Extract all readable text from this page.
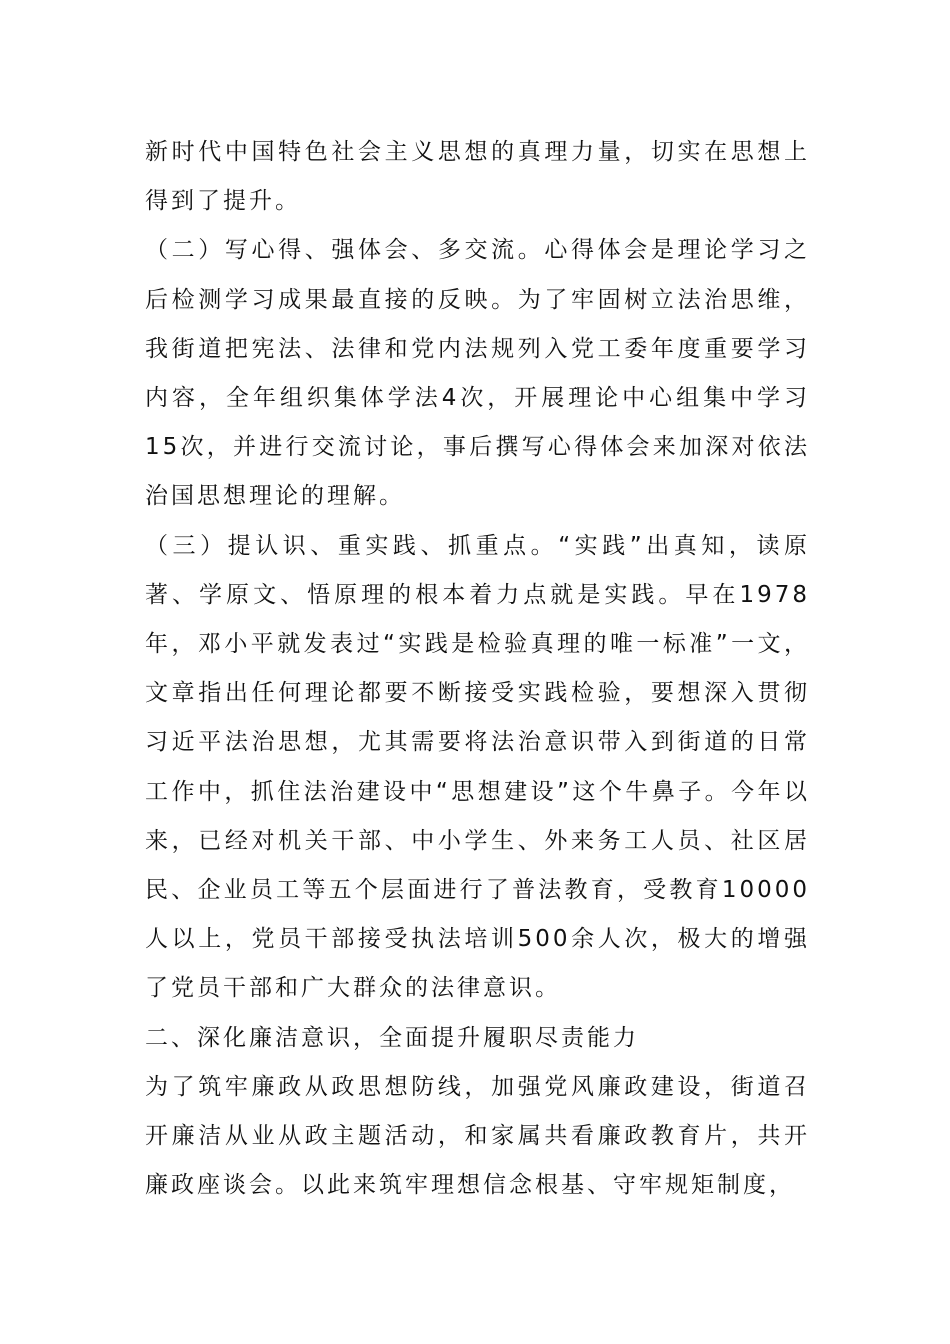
新时代中国特色社会主义思想的真理力量，切实在思想上得到了提升。

（二）写心得、强体会、多交流。心得体会是理论学习之后检测学习成果最直接的反映。为了牢固树立法治思维，我街道把宪法、法律和党内法规列入党工委年度重要学习内容，全年组织集体学法4次，开展理论中心组集中学习15次，并进行交流讨论，事后撰写心得体会来加深对依法治国思想理论的理解。

（三）提认识、重实践、抓重点。“实践”出真知，读原著、学原文、悟原理的根本着力点就是实践。早在1978年，邓小平就发表过“实践是检验真理的唯一标准”一文，文章指出任何理论都要不断接受实践检验，要想深入贯彻习近平法治思想，尤其需要将法治意识带入到街道的日常工作中，抓住法治建设中“思想建设”这个牛鼻子。今年以来，已经对机关干部、中小学生、外来务工人员、社区居民、企业员工等五个层面进行了普法教育，受教育10000人以上，党员干部接受执法培训500余人次，极大的增强了党员干部和广大群众的法律意识。

二、深化廉洁意识，全面提升履职尽责能力

为了筑牢廉政从政思想防线，加强党风廉政建设，街道召开廉洁从业从政主题活动，和家属共看廉政教育片，共开廉政座谈会。以此来筑牢理想信念根基、守牢规矩制度，
